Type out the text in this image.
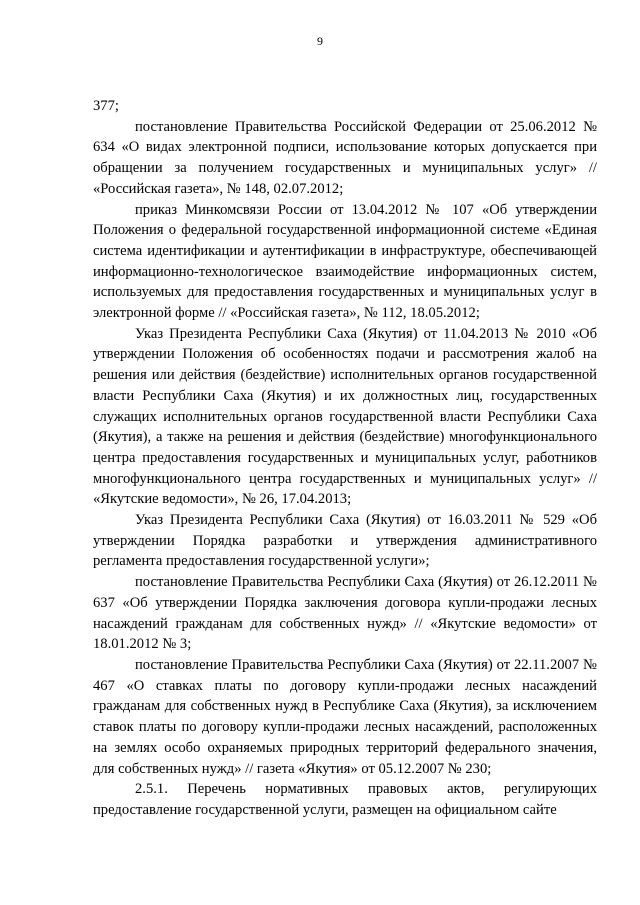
9

377;

постановление Правительства Российской Федерации от 25.06.2012 № 634 «О видах электронной подписи, использование которых допускается при обращении за получением государственных и муниципальных услуг» // «Российская газета», № 148, 02.07.2012;

приказ Минкомсвязи России от 13.04.2012 № 107 «Об утверждении Положения о федеральной государственной информационной системе «Единая система идентификации и аутентификации в инфраструктуре, обеспечивающей информационно-технологическое взаимодействие информационных систем, используемых для предоставления государственных и муниципальных услуг в электронной форме // «Российская газета», № 112, 18.05.2012;

Указ Президента Республики Саха (Якутия) от 11.04.2013 № 2010 «Об утверждении Положения об особенностях подачи и рассмотрения жалоб на решения или действия (бездействие) исполнительных органов государственной власти Республики Саха (Якутия) и их должностных лиц, государственных служащих исполнительных органов государственной власти Республики Саха (Якутия), а также на решения и действия (бездействие) многофункционального центра предоставления государственных и муниципальных услуг, работников многофункционального центра государственных и муниципальных услуг» // «Якутские ведомости», № 26, 17.04.2013;

Указ Президента Республики Саха (Якутия) от 16.03.2011 № 529 «Об утверждении Порядка разработки и утверждения административного регламента предоставления государственной услуги»;

постановление Правительства Республики Саха (Якутия) от 26.12.2011 № 637 «Об утверждении Порядка заключения договора купли-продажи лесных насаждений гражданам для собственных нужд» // «Якутские ведомости» от 18.01.2012 № 3;

постановление Правительства Республики Саха (Якутия) от 22.11.2007 № 467 «О ставках платы по договору купли-продажи лесных насаждений гражданам для собственных нужд в Республике Саха (Якутия), за исключением ставок платы по договору купли-продажи лесных насаждений, расположенных на землях особо охраняемых природных территорий федерального значения, для собственных нужд» // газета «Якутия» от 05.12.2007 № 230;

2.5.1. Перечень нормативных правовых актов, регулирующих предоставление государственной услуги, размещен на официальном сайте
